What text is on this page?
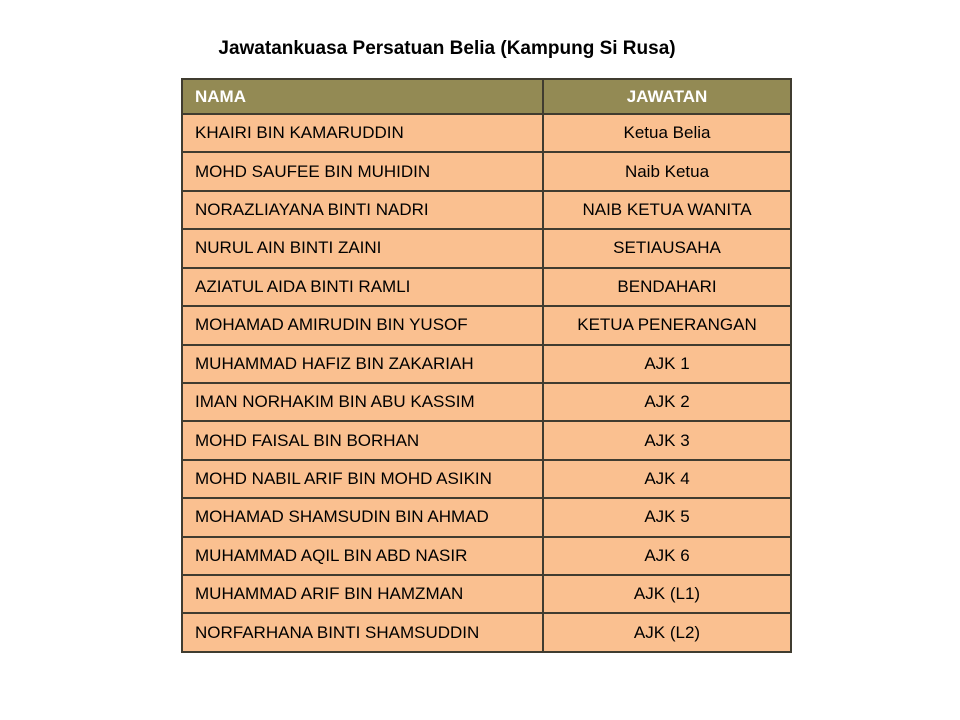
Jawatankuasa Persatuan Belia (Kampung Si Rusa)
NAMA	JAWATAN
KHAIRI BIN KAMARUDDIN	Ketua Belia
MOHD SAUFEE BIN MUHIDIN	Naib Ketua
NORAZLIAYANA BINTI NADRI	NAIB KETUA WANITA
NURUL AIN BINTI ZAINI	SETIAUSAHA
AZIATUL AIDA BINTI RAMLI	BENDAHARI
MOHAMAD AMIRUDIN BIN YUSOF	KETUA PENERANGAN
MUHAMMAD HAFIZ BIN ZAKARIAH	AJK 1
IMAN NORHAKIM BIN ABU KASSIM	AJK 2
MOHD FAISAL BIN BORHAN	AJK 3
MOHD NABIL ARIF BIN MOHD ASIKIN	AJK 4
MOHAMAD SHAMSUDIN BIN AHMAD	AJK 5
MUHAMMAD AQIL BIN ABD NASIR	AJK 6
MUHAMMAD ARIF BIN HAMZMAN	AJK (L1)
NORFARHANA BINTI SHAMSUDDIN	AJK (L2)
